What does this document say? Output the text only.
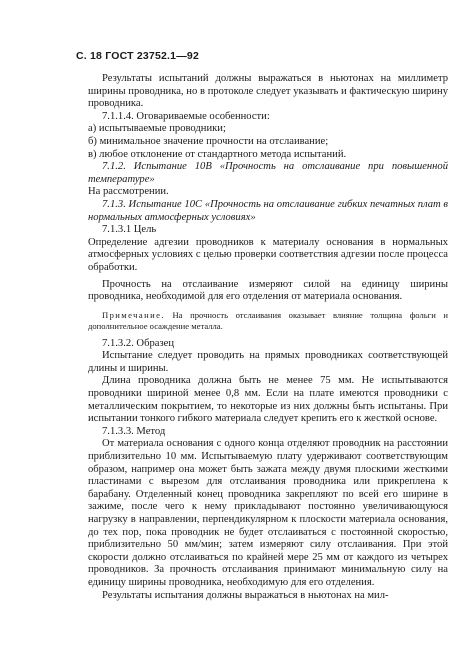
С. 18 ГОСТ 23752.1—92

Результаты испытаний должны выражаться в ньютонах на миллиметр ширины проводника, но в протоколе следует указывать и фактическую ширину проводника.

7.1.1.4. Оговариваемые особенности:

а) испытываемые проводники;

б) минимальное значение прочности на отслаивание;

в) любое отклонение от стандартного метода испытаний.

7.1.2. Испытание 10В «Прочность на отслаивание при повышенной температуре»

На рассмотрении.

7.1.3. Испытание 10С «Прочность на отслаивание гибких печатных плат в нормальных атмосферных условиях»

7.1.3.1 Цель

Определение адгезии проводников к материалу основания в нормальных атмосферных условиях с целью проверки соответствия адгезии после процесса обработки.

Прочность на отслаивание измеряют силой на единицу ширины проводника, необходимой для его отделения от материала основания.

Примечание. На прочность отслаивания оказывает влияние толщина фольги и дополнительное осаждение металла.

7.1.3.2. Образец

Испытание следует проводить на прямых проводниках соответствующей длины и ширины.

Длина проводника должна быть не менее 75 мм. Не испытываются проводники шириной менее 0,8 мм. Если на плате имеются проводники с металлическим покрытием, то некоторые из них должны быть испытаны. При испытании тонкого гибкого материала следует крепить его к жесткой основе.

7.1.3.3. Метод

От материала основания с одного конца отделяют проводник на расстоянии приблизительно 10 мм. Испытываемую плату удерживают соответствующим образом, например она может быть зажата между двумя плоскими жесткими пластинами с вырезом для отслаивания проводника или прикреплена к барабану. Отделенный конец проводника закрепляют по всей его ширине в зажиме, после чего к нему прикладывают постоянно увеличивающуюся нагрузку в направлении, перпендикулярном к плоскости материала основания, до тех пор, пока проводник не будет отслаиваться с постоянной скоростью, приблизительно 50 мм/мин; затем измеряют силу отслаивания. При этой скорости должно отслаиваться по крайней мере 25 мм от каждого из четырех проводников. За прочность отслаивания принимают минимальную силу на единицу ширины проводника, необходимую для его отделения.

Результаты испытания должны выражаться в ньютонах на мил-
